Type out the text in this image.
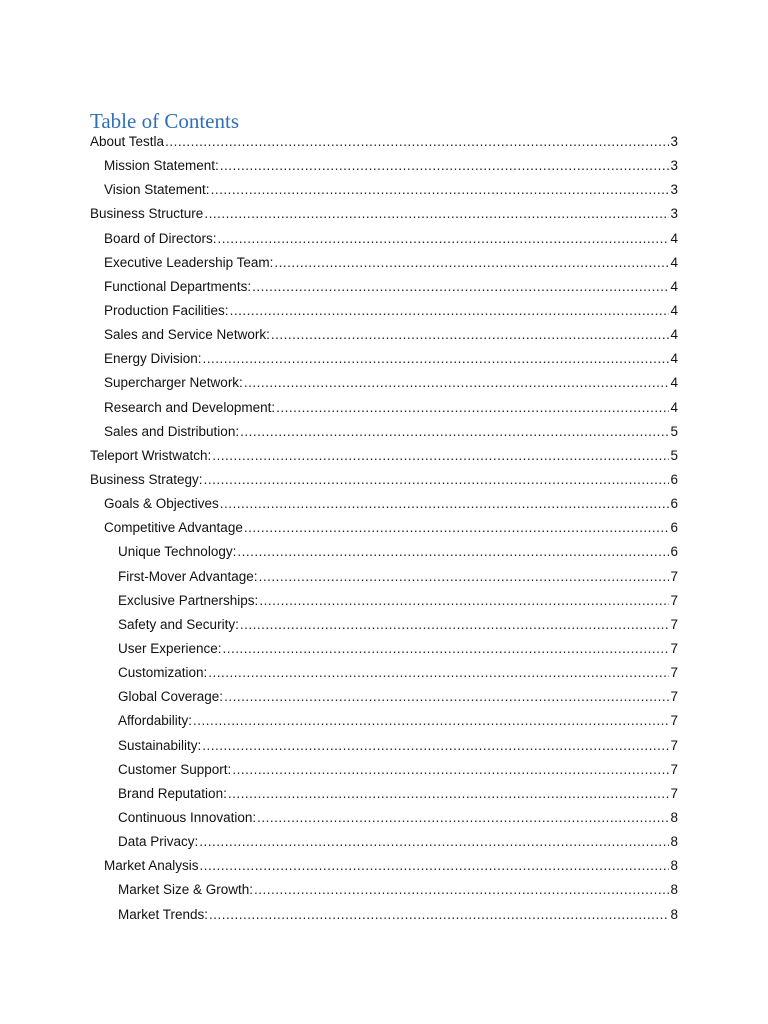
Table of Contents
About Testla .....	3
Mission Statement: .....	3
Vision Statement: .....	3
Business Structure .....	3
Board of Directors: .....	4
Executive Leadership Team: .....	4
Functional Departments: .....	4
Production Facilities: .....	4
Sales and Service Network: .....	4
Energy Division: .....	4
Supercharger Network: .....	4
Research and Development: .....	4
Sales and Distribution: .....	5
Teleport Wristwatch: .....	5
Business Strategy: .....	6
Goals & Objectives .....	6
Competitive Advantage .....	6
Unique Technology: .....	6
First-Mover Advantage: .....	7
Exclusive Partnerships: .....	7
Safety and Security: .....	7
User Experience: .....	7
Customization: .....	7
Global Coverage: .....	7
Affordability: .....	7
Sustainability: .....	7
Customer Support: .....	7
Brand Reputation: .....	7
Continuous Innovation: .....	8
Data Privacy: .....	8
Market Analysis .....	8
Market Size & Growth: .....	8
Market Trends: .....	8
